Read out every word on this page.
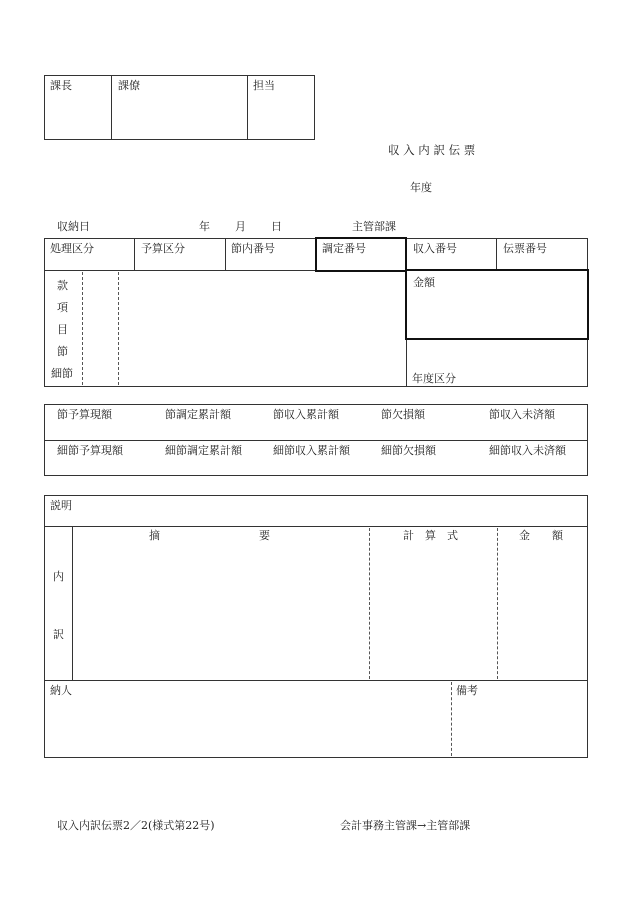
課長	課僚	担当
収 入 内 訳 伝 票
年度
収納日	年 月 日	主管部課
処理区分	予算区分	節内番号	調定番号	収入番号	伝票番号
款
項
目
節
細節
金額
年度区分
節予算現額	節調定累計額	節収入累計額	節欠損額	節収入未済額
細節予算現額	細節調定累計額	細節収入累計額	細節欠損額	細節収入未済額
説明
摘　　　　　　　　　要	計　算　式	金　　額
内
訳
納人	備考
収入内訳伝票2／2(様式第22号)	会計事務主管課→主管部課
